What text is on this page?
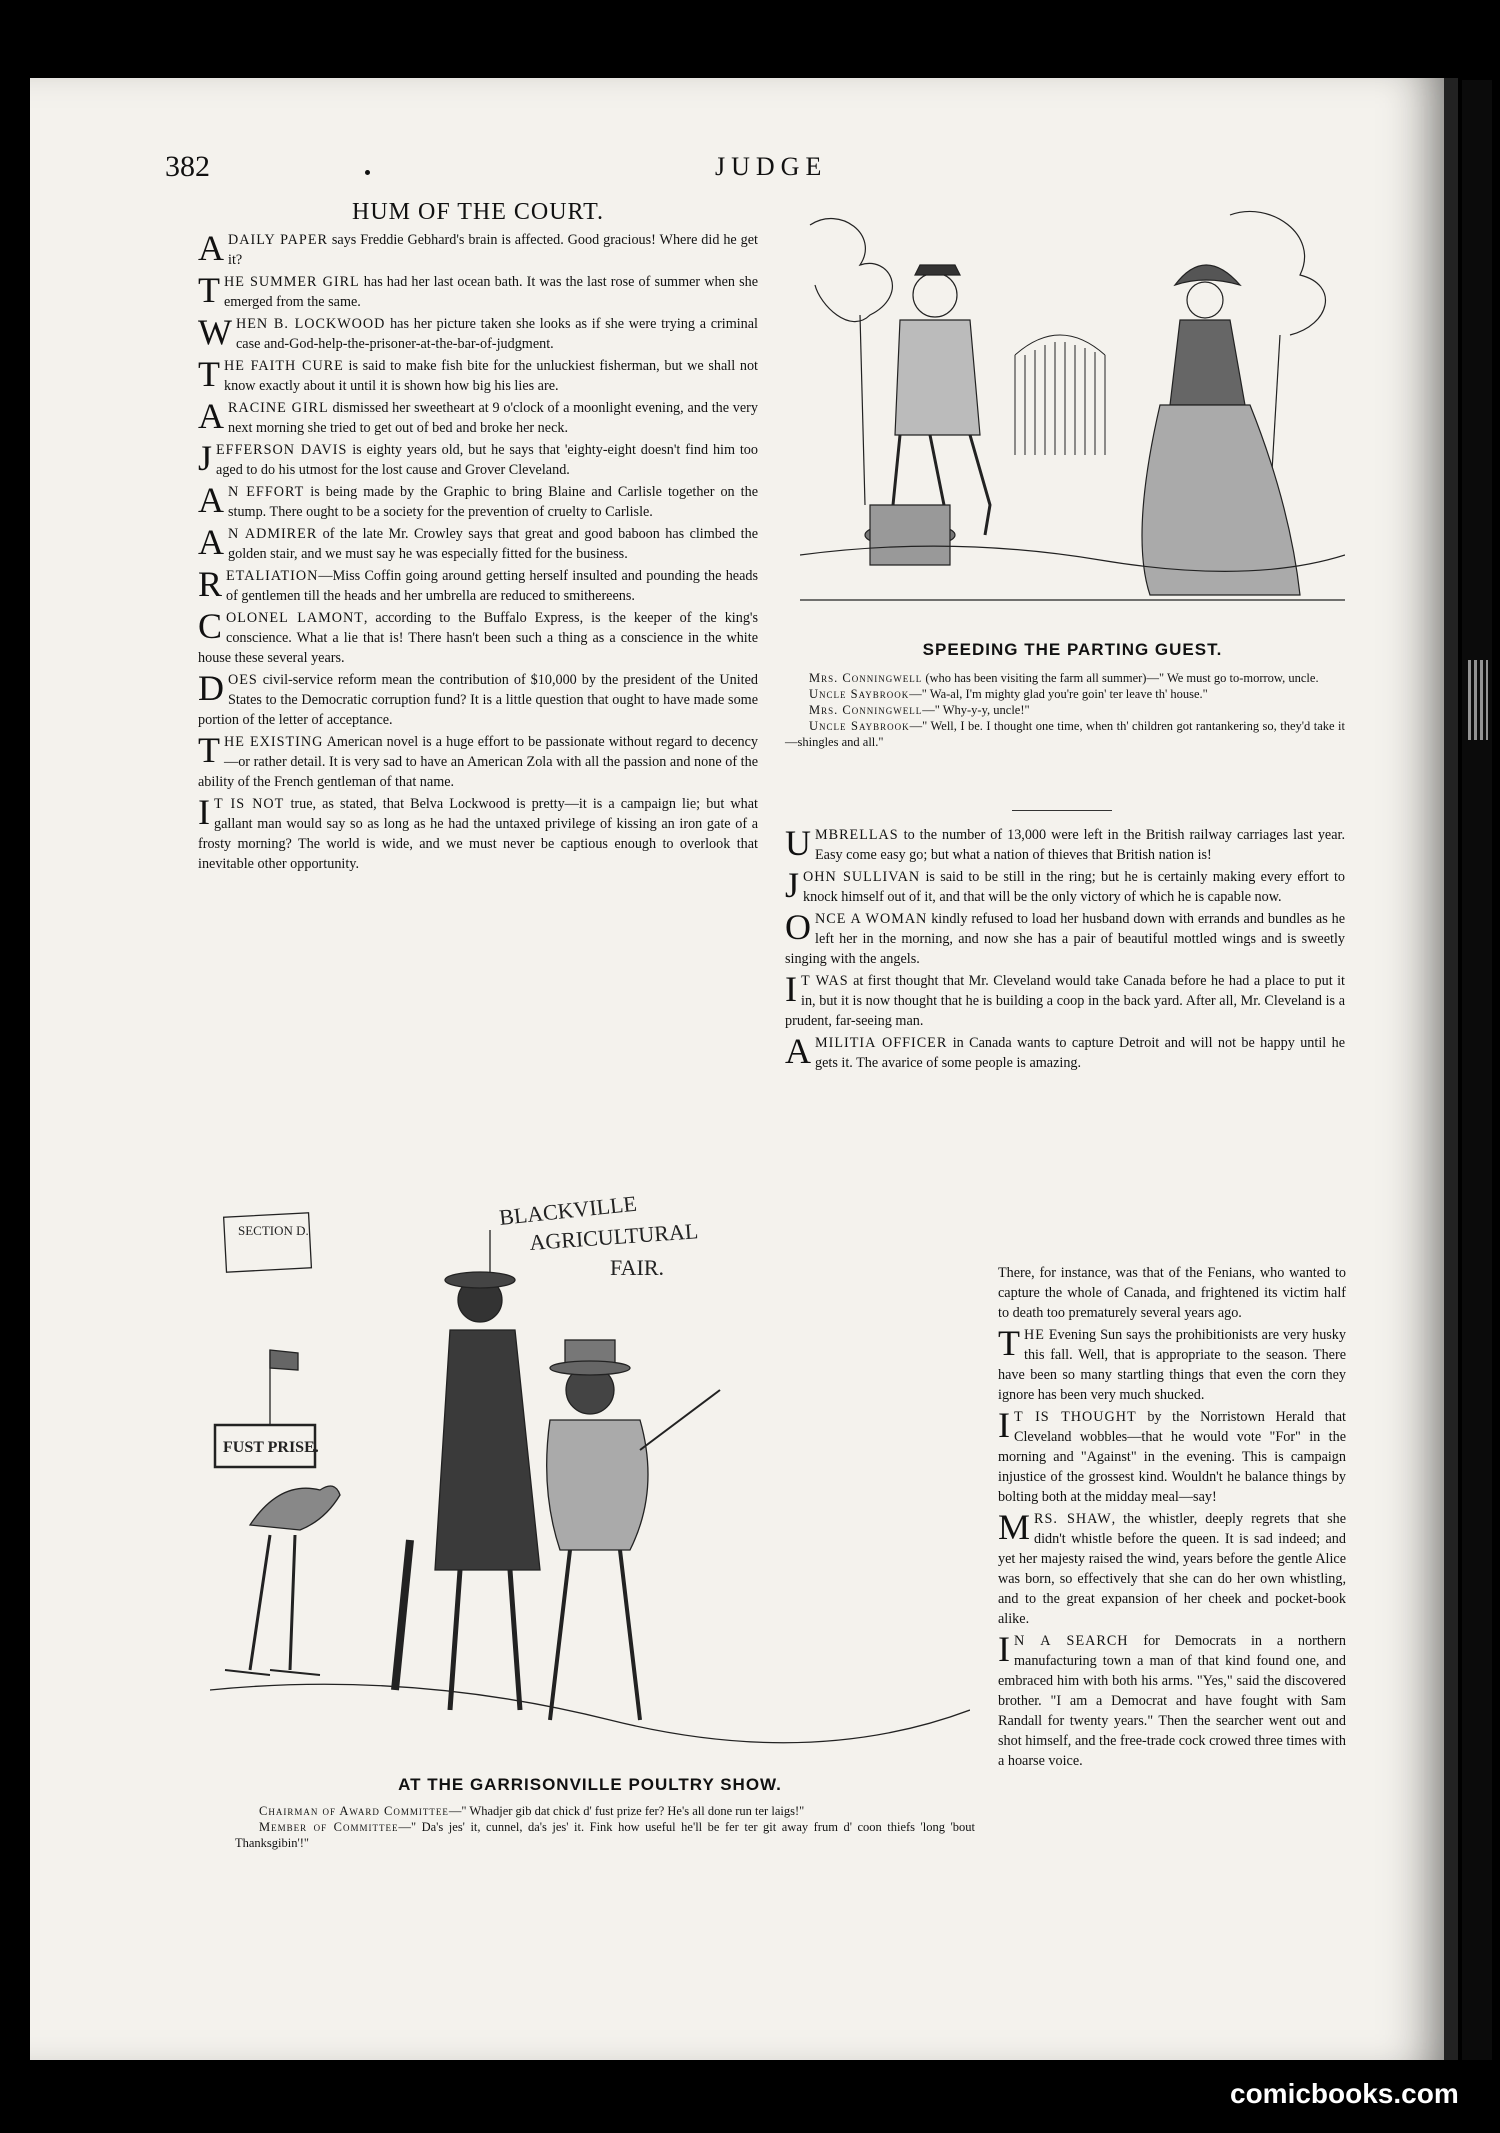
382	JUDGE
HUM OF THE COURT.
ADAILY PAPER says Freddie Gebhard's brain is affected. Good gracious! Where did he get it?
THE SUMMER GIRL has had her last ocean bath. It was the last rose of summer when she emerged from the same.
WHEN B. LOCKWOOD has her picture taken she looks as if she were trying a criminal case and-God-help-the-prisoner-at-the-bar-of-judgment.
THE FAITH CURE is said to make fish bite for the unluckiest fisherman, but we shall not know exactly about it until it is shown how big his lies are.
A RACINE GIRL dismissed her sweetheart at 9 o'clock of a moonlight evening, and the very next morning she tried to get out of bed and broke her neck.
JEFFERSON DAVIS is eighty years old, but he says that 'eighty-eight doesn't find him too aged to do his utmost for the lost cause and Grover Cleveland.
A N EFFORT is being made by the Graphic to bring Blaine and Carlisle together on the stump. There ought to be a society for the prevention of cruelty to Carlisle.
A N ADMIRER of the late Mr. Crowley says that great and good baboon has climbed the golden stair, and we must say he was especially fitted for the business.
RETALIATION—Miss Coffin going around getting herself insulted and pounding the heads of gentlemen till the heads and her umbrella are reduced to smithereens.
COLONEL LAMONT, according to the Buffalo Express, is the keeper of the king's conscience. What a lie that is! There hasn't been such a thing as a conscience in the white house these several years.
DOES civil-service reform mean the contribution of $10,000 by the president of the United States to the Democratic corruption fund? It is a little question that ought to have made some portion of the letter of acceptance.
THE EXISTING American novel is a huge effort to be passionate without regard to decency—or rather detail. It is very sad to have an American Zola with all the passion and none of the ability of the French gentleman of that name.
I T IS NOT true, as stated, that Belva Lockwood is pretty—it is a campaign lie; but what gallant man would say so as long as he had the untaxed privilege of kissing an iron gate of a frosty morning? The world is wide, and we must never be captious enough to overlook that inevitable other opportunity.
SPEEDING THE PARTING GUEST.
Mrs. Conningwell (who has been visiting the farm all summer)—" We must go to-morrow, uncle.
Uncle Saybrook—" Wa-al, I'm mighty glad you're goin' ter leave th' house."
Mrs. Conningwell—" Why-y-y, uncle!"
Uncle Saybrook—" Well, I be. I thought one time, when th' children got rantankering so, they'd take it—shingles and all."
UMBRELLAS to the number of 13,000 were left in the British railway carriages last year. Easy come easy go; but what a nation of thieves that British nation is!
JOHN SULLIVAN is said to be still in the ring; but he is certainly making every effort to knock himself out of it, and that will be the only victory of which he is capable now.
ONCE A WOMAN kindly refused to load her husband down with errands and bundles as he left her in the morning, and now she has a pair of beautiful mottled wings and is sweetly singing with the angels.
I T WAS at first thought that Mr. Cleveland would take Canada before he had a place to put it in, but it is now thought that he is building a coop in the back yard. After all, Mr. Cleveland is a prudent, far-seeing man.
A MILITIA OFFICER in Canada wants to capture Detroit and will not be happy until he gets it. The avarice of some people is amazing.
There, for instance, was that of the Fenians, who wanted to capture the whole of Canada, and frightened its victim half to death too prematurely several years ago.
THE Evening Sun says the prohibitionists are very husky this fall. Well, that is appropriate to the season. There have been so many startling things that even the corn they ignore has been very much shucked.
I T IS THOUGHT by the Norristown Herald that Cleveland wobbles—that he would vote "For" in the morning and "Against" in the evening. This is campaign injustice of the grossest kind. Wouldn't he balance things by bolting both at the midday meal—say!
MRS. SHAW, the whistler, deeply regrets that she didn't whistle before the queen. It is sad indeed; and yet her majesty raised the wind, years before the gentle Alice was born, so effectively that she can do her own whistling, and to the great expansion of her cheek and pocket-book alike.
I N A SEARCH for Democrats in a northern manufacturing town a man of that kind found one, and embraced him with both his arms. "Yes," said the discovered brother. "I am a Democrat and have fought with Sam Randall for twenty years." Then the searcher went out and shot himself, and the free-trade cock crowed three times with a hoarse voice.
SECTION D.
BLACKVILLE
AGRICULTURAL
FAIR.
FUST PRISE.
AT THE GARRISONVILLE POULTRY SHOW.
Chairman of Award Committee—" Whadjer gib dat chick d' fust prize fer? He's all done run ter laigs!"
Member of Committee—" Da's jes' it, cunnel, da's jes' it. Fink how useful he'll be fer ter git away frum d' coon thiefs 'long 'bout Thanksgibin'!"
comicbooks.com
